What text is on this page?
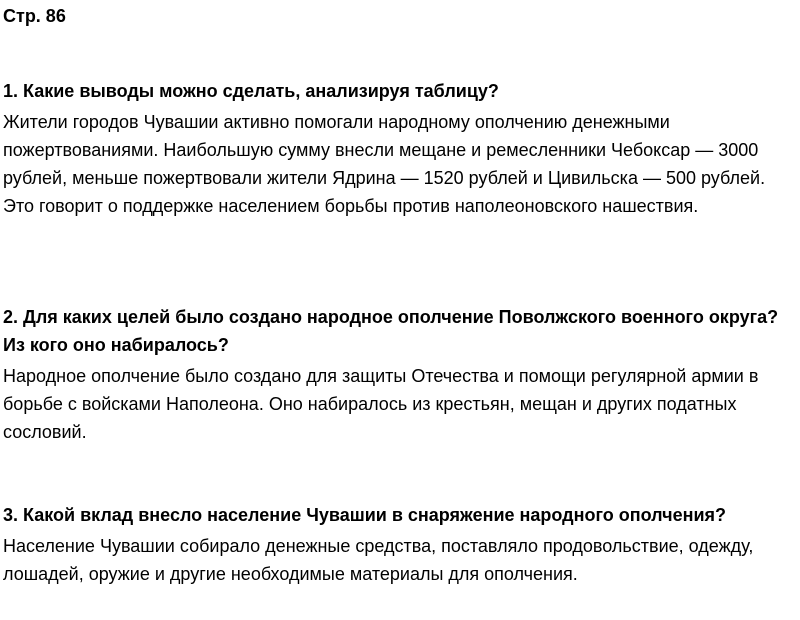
Стр. 86
1. Какие выводы можно сделать, анализируя таблицу?

Жители городов Чувашии активно помогали народному ополчению денежными пожертвованиями. Наибольшую сумму внесли мещане и ремесленники Чебоксар — 3000 рублей, меньше пожертвовали жители Ядрина — 1520 рублей и Цивильска — 500 рублей. Это говорит о поддержке населением борьбы против наполеоновского нашествия.

2. Для каких целей было создано народное ополчение Поволжского военного округа? Из кого оно набиралось?

Народное ополчение было создано для защиты Отечества и помощи регулярной армии в борьбе с войсками Наполеона. Оно набиралось из крестьян, мещан и других податных сословий.

3. Какой вклад внесло население Чувашии в снаряжение народного ополчения?

Население Чувашии собирало денежные средства, поставляло продовольствие, одежду, лошадей, оружие и другие необходимые материалы для ополчения.
